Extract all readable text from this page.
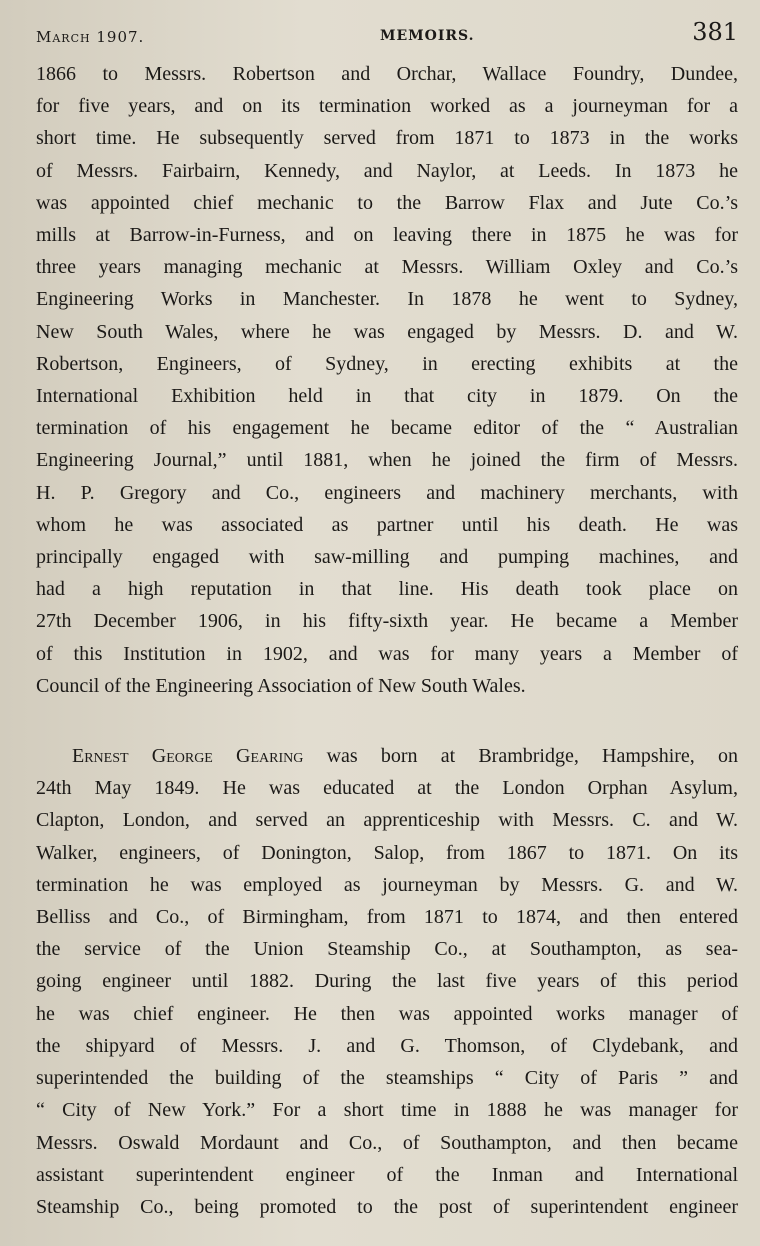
March 1907.	MEMOIRS.	381

1866 to Messrs. Robertson and Orchar, Wallace Foundry, Dundee,
for five years, and on its termination worked as a journeyman for a
short time. He subsequently served from 1871 to 1873 in the works
of Messrs. Fairbairn, Kennedy, and Naylor, at Leeds. In 1873 he
was appointed chief mechanic to the Barrow Flax and Jute Co.’s
mills at Barrow-in-Furness, and on leaving there in 1875 he was for
three years managing mechanic at Messrs. William Oxley and Co.’s
Engineering Works in Manchester. In 1878 he went to Sydney,
New South Wales, where he was engaged by Messrs. D. and W.
Robertson, Engineers, of Sydney, in erecting exhibits at the
International Exhibition held in that city in 1879. On the
termination of his engagement he became editor of the “ Australian
Engineering Journal,” until 1881, when he joined the firm of Messrs.
H. P. Gregory and Co., engineers and machinery merchants, with
whom he was associated as partner until his death. He was
principally engaged with saw-milling and pumping machines, and
had a high reputation in that line. His death took place on
27th December 1906, in his fifty-sixth year. He became a Member
of this Institution in 1902, and was for many years a Member of
Council of the Engineering Association of New South Wales.

Ernest George Gearing was born at Brambridge, Hampshire, on
24th May 1849. He was educated at the London Orphan Asylum,
Clapton, London, and served an apprenticeship with Messrs. C. and W.
Walker, engineers, of Donington, Salop, from 1867 to 1871. On its
termination he was employed as journeyman by Messrs. G. and W.
Belliss and Co., of Birmingham, from 1871 to 1874, and then entered
the service of the Union Steamship Co., at Southampton, as sea-
going engineer until 1882. During the last five years of this period
he was chief engineer. He then was appointed works manager of
the shipyard of Messrs. J. and G. Thomson, of Clydebank, and
superintended the building of the steamships “ City of Paris ” and
“ City of New York.” For a short time in 1888 he was manager for
Messrs. Oswald Mordaunt and Co., of Southampton, and then became
assistant superintendent engineer of the Inman and International
Steamship Co., being promoted to the post of superintendent engineer
